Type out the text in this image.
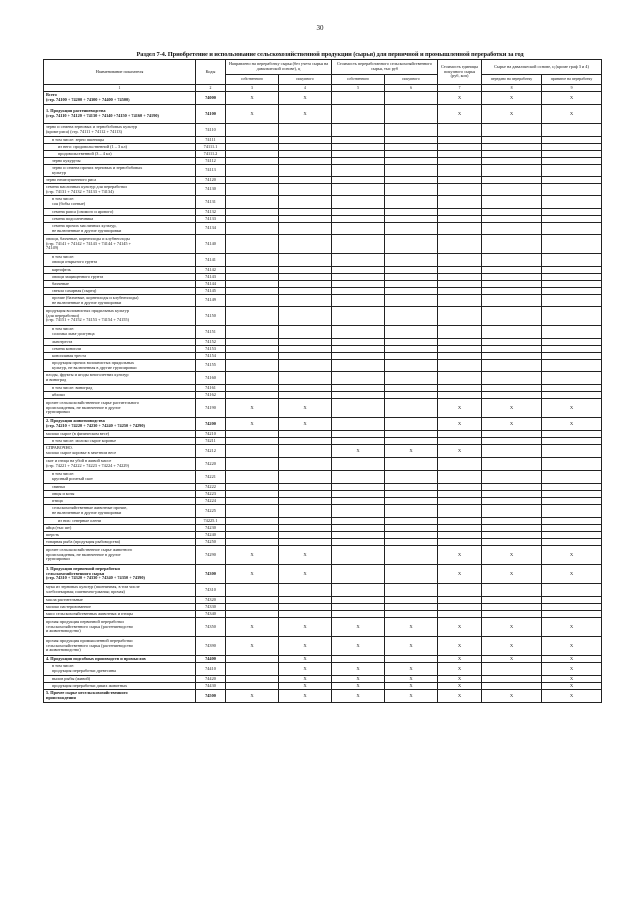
30
Раздел 7-4. Приобретение и использование сельскохозяйственной продукции (сырья) для первичной и промышленной переработки за год
Наименование показателя	Коды	Направлено на переработку сырья (без учета сырья на давальческой основе), ц		Стоимость переработанного сельскохозяйственного сырья, тыс руб		Стоимость единицы покупного сырья (руб, коп)	Сырье на давальческой основе, ц (кроме граф 3 и 4)	
		собственного	покупного	собственного	покупного		передано на переработку	принятое на переработку
1	2	3	4	5	6	7	8	9
Всего
(стр. 74100 + 74200 + 74300 + 74400 + 74500)	74000	X	X			X	X	X
1. Продукция растениеводства
(стр. 74110 + 74120 + 74130 + 74140 +74150 + 74160 + 74190)	74100	X	X			X	X	X
зерно и семена зерновых и зернобобовых культур
(кроме риса) (стр. 74111 + 74112 + 74113)	74110							
в том числе: зерно пшеницы	74111							
из него: продовольственной (1 – 3 кл)	74111.1							
продовольственной (3 – 4 кл)	74111.2							
зерно кукурузы	74112							
зерно и семена прочих зерновых и зернобобовых
культур	74113							
зерно нешелушенного риса	74120							
семена масличных культур для переработки
(стр. 74131 + 74132 + 74133 + 74134)	74130							
в том числе:
соя (бобы соевые)	74131							
семена рапса (озимого и ярового)	74132							
семена подсолнечника	74133							
семена прочих масличных культур,
не включенные в другие группировки	74134							
овощи, бахчевые, корнеплоды и клубнеплоды
(стр. 74141 + 74142 + 74143 + 74144 + 74145 +
74149)	74140							
в том числе:
овощи открытого грунта	74141							
картофель	74142							
овощи защищенного грунта	74143							
бахчевые	74144							
свекла сахарная (сырец)	74145							
прочие (бахчевые, корнеплоды и клубнеплоды)
не включенные в другие группировки	74149							
продукция волокнистых прядильных культур
(для переработки)
(стр. 74151 + 74152 + 74153 + 74154 + 74155)	74150							
в том числе:
соломка льна-долгунца	74151							
льнотреста	74152							
семена конопли	74153							
конопляная треста	74154							
продукция прочих волокнистых прядильных
культур, не включенная в другие группировки	74155							
плоды, фрукты и ягоды многолетних культур
и виноград	74160							
в том числе: виноград	74161							
яблоки	74162							
прочее сельскохозяйственное сырье растительного
происхождения, не включенное в другие
группировки	74190	X	X			X	X	X
2. Продукция животноводства
(стр. 74210 + 74220 + 74230 + 74240 + 74250 + 74290)	74200	X	X			X	X	X
молоко сырое (в физическом весе)	74210							
в том числе: молоко сырое коровье	74211							
СПРАВОЧНО.
молоко сырое коровье в зачетном весе	74212			X	X	X		
скот и птица на убой в живой массе
(стр. 74221 + 74222 + 74223 + 74224 + 74229)	74220							
в том числе:
крупный рогатый скот	74221							
свиньи	74222							
овцы и козы	74223							
птица	74224							
сельскохозяйственные животные прочие,
не включенные в другие группировки	74225							
из них: северные олени	74225.1							
яйца (тыс шт)	74230							
шерсть	74240							
товарная рыба (продукция рыбоводства)	74250							
прочее сельскохозяйственное сырье животного
происхождения, не включенное в другие
группировки	74290	X	X			X	X	X
3. Продукция первичной переработки
сельскохозяйственного сырья
(стр. 74310 + 74320 + 74330 + 74340 + 74350 + 74390)	74300	X	X			X	X	X
мука из зерновых культур (пшеничная, в том числе
хлебопекарная; пшенично-ржаная; прочая)	74310							
масла растительные	74320							
молоко пастеризованное	74330							
мясо сельскохозяйственных животных и птицы	74340							
прочая продукция первичной переработки
сельскохозяйственного сырья (растениеводство
и животноводство)	74350	X	X	X	X	X	X	X
прочая продукция промышленной переработки
сельскохозяйственного сырья (растениеводство
и животноводство)	74390	X	X	X	X	X	X	X
4. Продукция подсобных производств и промыслов	74400		X			X	X	X
в том числе:
продукция переработки древесины	74410		X	X	X	X		X
вылов рыбы (живой)	74420		X	X	X	X		X
продукция переработки диких животных	74430		X	X	X	X		X
5. Прочее сырье несельскохозяйственного
происхождения	74500	X	X	X	X	X	X	X
